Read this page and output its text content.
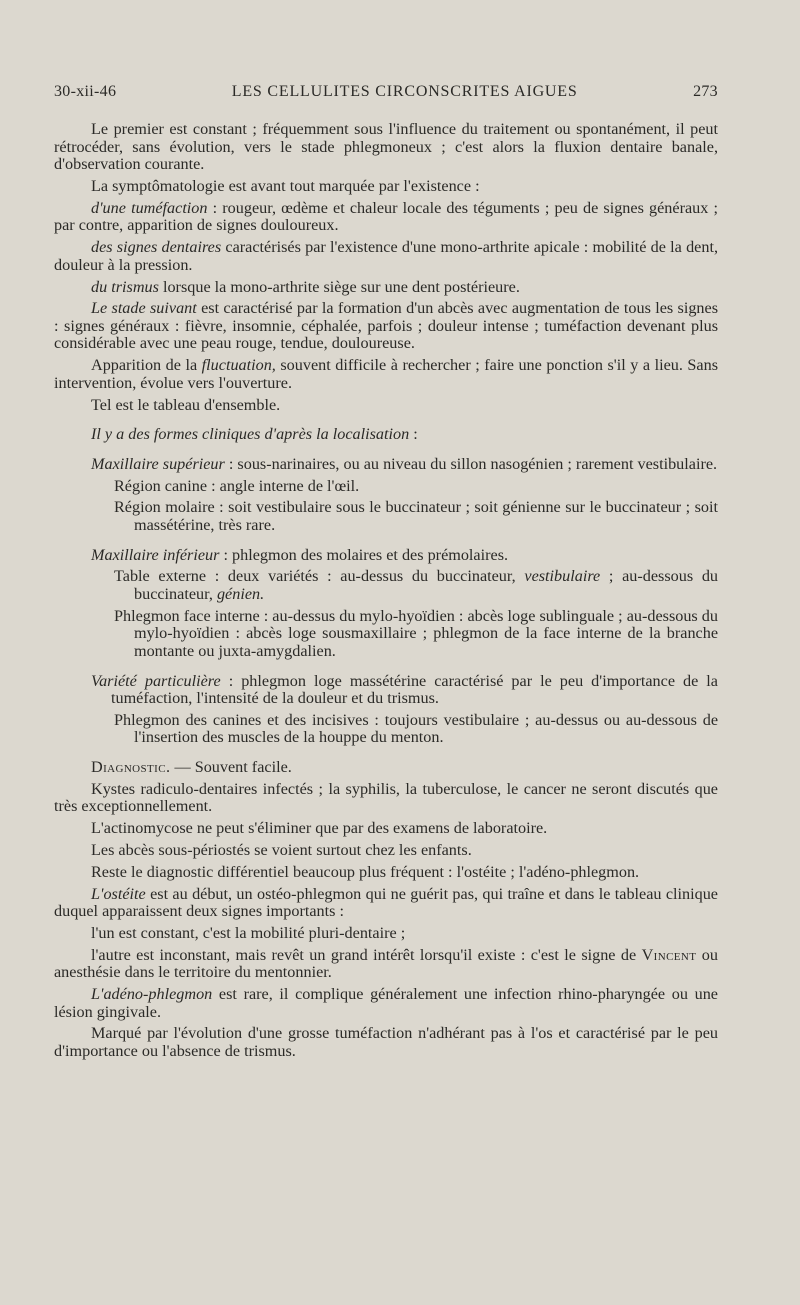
30-xii-46	LES CELLULITES CIRCONSCRITES AIGUES	273

Le premier est constant ; fréquemment sous l'influence du traitement ou spontanément, il peut rétrocéder, sans évolution, vers le stade phlegmoneux ; c'est alors la fluxion dentaire banale, d'observation courante.

La symptômatologie est avant tout marquée par l'existence :

d'une tuméfaction : rougeur, œdème et chaleur locale des téguments ; peu de signes généraux ; par contre, apparition de signes douloureux.

des signes dentaires caractérisés par l'existence d'une mono-arthrite apicale : mobilité de la dent, douleur à la pression.

du trismus lorsque la mono-arthrite siège sur une dent postérieure.

Le stade suivant est caractérisé par la formation d'un abcès avec augmentation de tous les signes : signes généraux : fièvre, insomnie, céphalée, parfois ; douleur intense ; tuméfaction devenant plus considérable avec une peau rouge, tendue, douloureuse.

Apparition de la fluctuation, souvent difficile à rechercher ; faire une ponction s'il y a lieu. Sans intervention, évolue vers l'ouverture.

Tel est le tableau d'ensemble.

Il y a des formes cliniques d'après la localisation :

Maxillaire supérieur : sous-narinaires, ou au niveau du sillon nasogénien ; rarement vestibulaire.

Région canine : angle interne de l'œil.

Région molaire : soit vestibulaire sous le buccinateur ; soit génienne sur le buccinateur ; soit massétérine, très rare.

Maxillaire inférieur : phlegmon des molaires et des prémolaires.

Table externe : deux variétés : au-dessus du buccinateur, vestibulaire ; au-dessous du buccinateur, génien.

Phlegmon face interne : au-dessus du mylo-hyoïdien : abcès loge sublinguale ; au-dessous du mylo-hyoïdien : abcès loge sousmaxillaire ; phlegmon de la face interne de la branche montante ou juxta-amygdalien.

Variété particulière : phlegmon loge massétérine caractérisé par le peu d'importance de la tuméfaction, l'intensité de la douleur et du trismus.

Phlegmon des canines et des incisives : toujours vestibulaire ; au-dessus ou au-dessous de l'insertion des muscles de la houppe du menton.

Diagnostic. — Souvent facile.

Kystes radiculo-dentaires infectés ; la syphilis, la tuberculose, le cancer ne seront discutés que très exceptionnellement.

L'actinomycose ne peut s'éliminer que par des examens de laboratoire.

Les abcès sous-périostés se voient surtout chez les enfants.

Reste le diagnostic différentiel beaucoup plus fréquent : l'ostéite ; l'adéno-phlegmon.

L'ostéite est au début, un ostéo-phlegmon qui ne guérit pas, qui traîne et dans le tableau clinique duquel apparaissent deux signes importants :

l'un est constant, c'est la mobilité pluri-dentaire ;

l'autre est inconstant, mais revêt un grand intérêt lorsqu'il existe : c'est le signe de Vincent ou anesthésie dans le territoire du mentonnier.

L'adéno-phlegmon est rare, il complique généralement une infection rhino-pharyngée ou une lésion gingivale.

Marqué par l'évolution d'une grosse tuméfaction n'adhérant pas à l'os et caractérisé par le peu d'importance ou l'absence de trismus.
